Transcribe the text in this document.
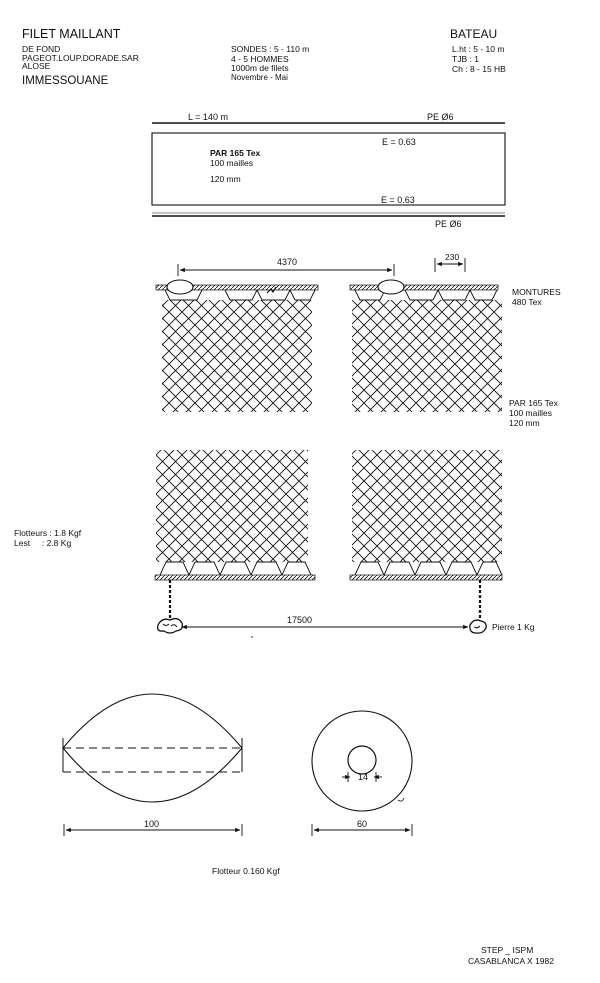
FILET MAILLANT
DE FOND
PAGEOT.LOUP.DORADE.SAR
ALOSE
IMMESSOUANE
SONDES : 5 - 110 m
4 - 5 HOMMES
1000m de filets
Novembre - Mai
BATEAU
L.ht : 5 - 10 m
TJB : 1
Ch : 8 - 15 HB
L = 140 m	PE Ø6
E = 0.63
PAR 165 Tex
100 mailles
120 mm
E = 0.63
PE Ø6
4370	230
MONTURES
480 Tex
PAR 165 Tex
100 mailles
120 mm
Flotteurs : 1.8 Kgf
Lest     : 2.8 Kg
17500
Pierre 1 Kg
14
100	60
Flotteur 0.160 Kgf
STEP _ ISPM
CASABLANCA X 1982
